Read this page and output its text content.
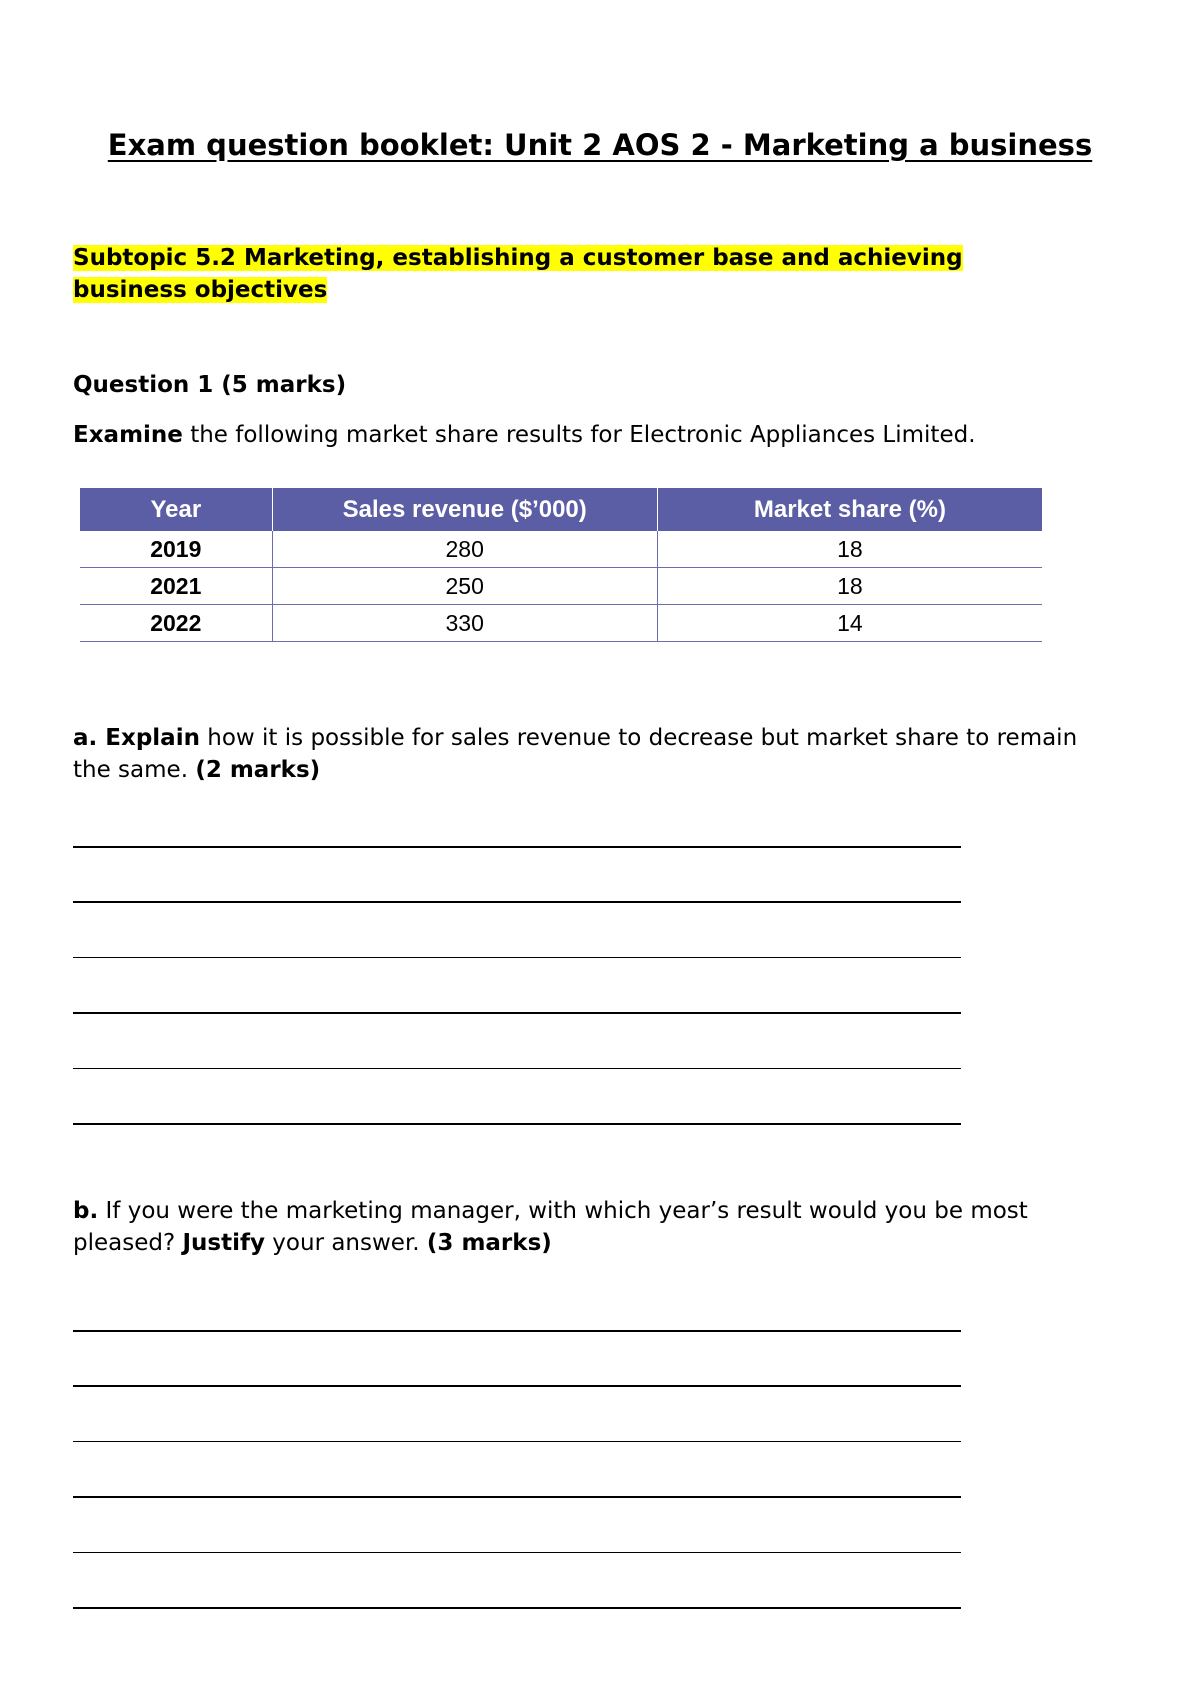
Exam question booklet: Unit 2 AOS 2 - Marketing a business

Subtopic 5.2 Marketing, establishing a customer base and achieving business objectives

Question 1 (5 marks)

Examine the following market share results for Electronic Appliances Limited.

Year	Sales revenue ($’000)	Market share (%)
2019	280	18
2021	250	18
2022	330	14

a. Explain how it is possible for sales revenue to decrease but market share to remain the same. (2 marks)

b. If you were the marketing manager, with which year’s result would you be most pleased? Justify your answer. (3 marks)
